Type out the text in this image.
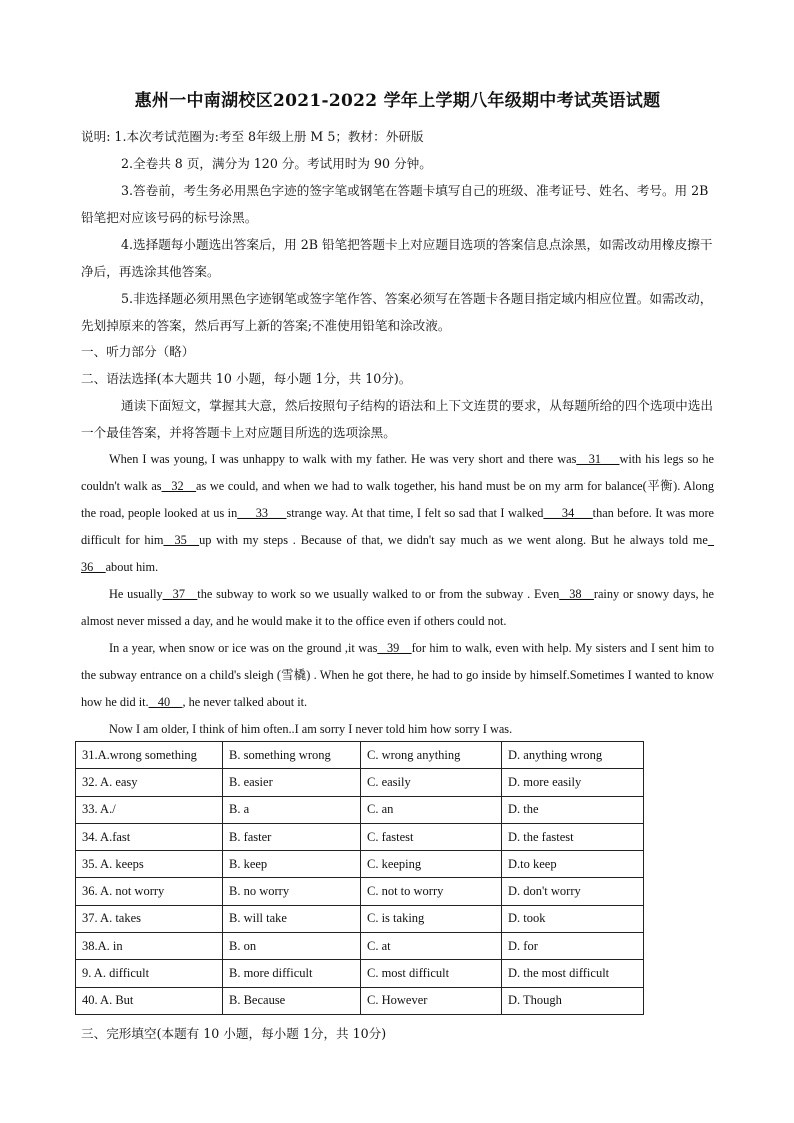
惠州一中南湖校区2021-2022 学年上学期八年级期中考试英语试题

说明: 1.本次考试范圈为:考至 8年级上册 M 5；教材：外研版

2.全卷共 8 页，满分为 120 分。考试用时为 90 分钟。

3.答卷前，考生务必用黑色字迹的签字笔或钢笔在答题卡填写自己的班级、准考证号、姓名、考号。用 2B 铅笔把对应该号码的标号涂黑。

4.选择题每小题选出答案后，用 2B 铅笔把答题卡上对应题目选项的答案信息点涂黑，如需改动用橡皮擦干净后，再选涂其他答案。

5.非选择题必须用黑色字迹钢笔或签字笔作答、答案必须写在答题卡各题目指定域内相应位置。如需改动，先划掉原来的答案，然后再写上新的答案;不准使用铅笔和涂改液。

一、听力部分（略）

二、语法选择(本大题共 10 小题，每小题 1分，共 10分)。

通读下面短文，掌握其大意，然后按照句子结构的语法和上下文连贯的要求，从每题所给的四个选项中选出一个最佳答案，并将答题卡上对应题目所选的选项涂黑。

When I was young, I was unhappy to walk with my father. He was very short and there was__31___with his legs so he couldn't walk as_ 32__as we could, and when we had to walk together, his hand must be on my arm for balance(平衡). Along the road, people looked at us in___33___strange way. At that time, I felt so sad that I walked___34___than before. It was more difficult for him_ 35__up with my steps . Because of that, we didn't say much as we went along. But he always told me_ 36__about him.

He usually_ 37__the subway to work so we usually walked to or from the subway . Even_ 38__rainy or snowy days, he almost never missed a day, and he would make it to the office even if others could not.

In a year, when snow or ice was on the ground ,it was_ 39__for him to walk, even with help. My sisters and I sent him to the subway entrance on a child's sleigh (雪橇) . When he got there, he had to go inside by himself.Sometimes I wanted to know how he did it._ 40__, he never talked about it.

Now I am older, I think of him often..I am sorry I never told him how sorry I was.

31.A.wrong something	B. something wrong	C. wrong anything	D. anything wrong
32. A. easy	B. easier	C. easily	D. more easily
33. A./	B. a	C. an	D. the
34. A.fast	B. faster	C. fastest	D. the fastest
35. A. keeps	B. keep	C. keeping	D.to keep
36. A. not worry	B. no worry	C. not to worry	D. don't worry
37. A. takes	B. will take	C. is taking	D. took
38.A. in	B. on	C. at	D. for
9. A. difficult	B. more difficult	C. most difficult	D. the most difficult
40. A. But	B. Because	C. However	D. Though

三、完形填空(本题有 10 小题，每小题 1分，共 10分)
